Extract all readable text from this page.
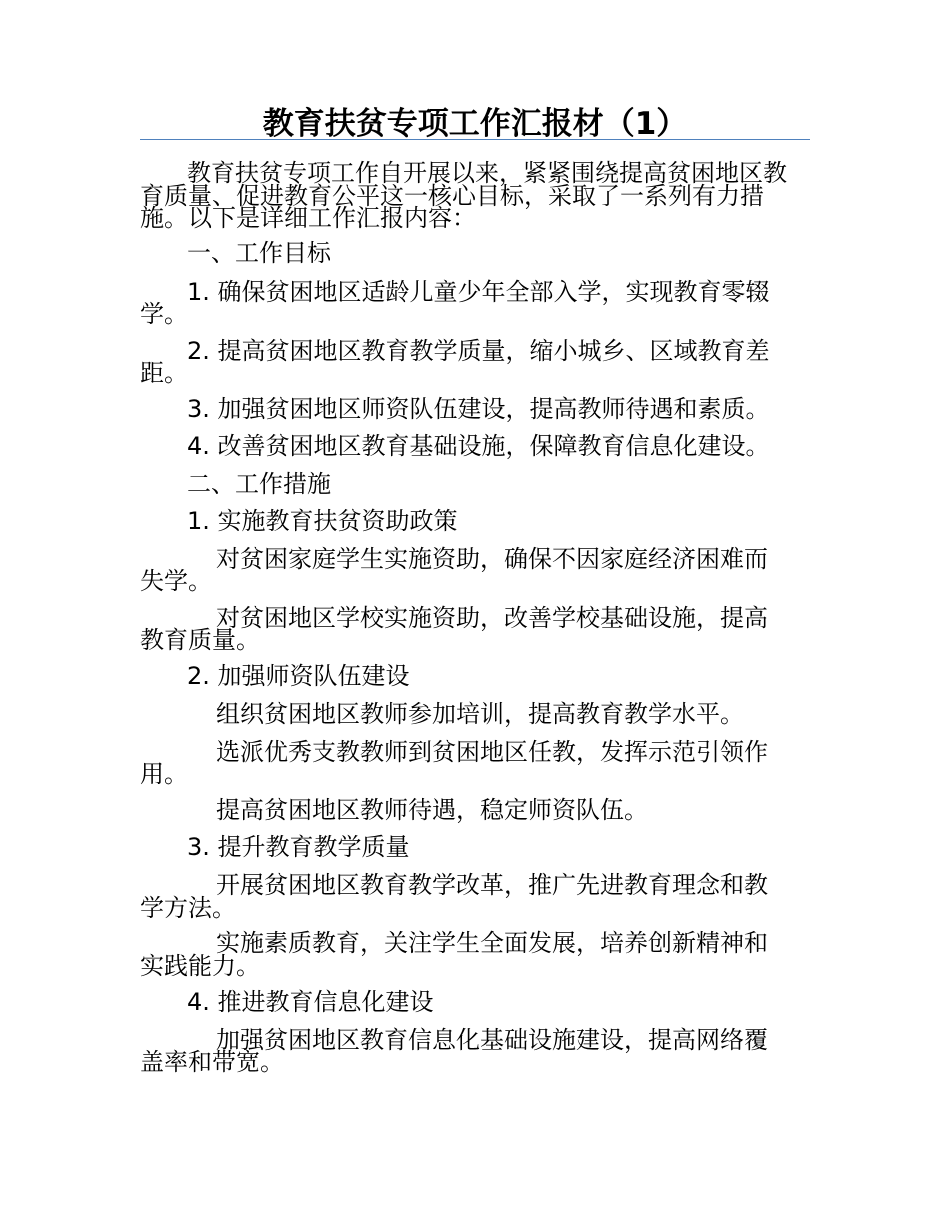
教育扶贫专项工作汇报材（1）

教育扶贫专项工作自开展以来，紧紧围绕提高贫困地区教

育质量、促进教育公平这一核心目标，采取了一系列有力措

施。以下是详细工作汇报内容：

一、工作目标

1. 确保贫困地区适龄儿童少年全部入学，实现教育零辍

学。

2. 提高贫困地区教育教学质量，缩小城乡、区域教育差

距。

3. 加强贫困地区师资队伍建设，提高教师待遇和素质。

4. 改善贫困地区教育基础设施，保障教育信息化建设。

二、工作措施

1. 实施教育扶贫资助政策

对贫困家庭学生实施资助，确保不因家庭经济困难而

失学。

对贫困地区学校实施资助，改善学校基础设施，提高

教育质量。

2. 加强师资队伍建设

组织贫困地区教师参加培训，提高教育教学水平。

选派优秀支教教师到贫困地区任教，发挥示范引领作

用。

提高贫困地区教师待遇，稳定师资队伍。

3. 提升教育教学质量

开展贫困地区教育教学改革，推广先进教育理念和教

学方法。

实施素质教育，关注学生全面发展，培养创新精神和

实践能力。

4. 推进教育信息化建设

加强贫困地区教育信息化基础设施建设，提高网络覆

盖率和带宽。
